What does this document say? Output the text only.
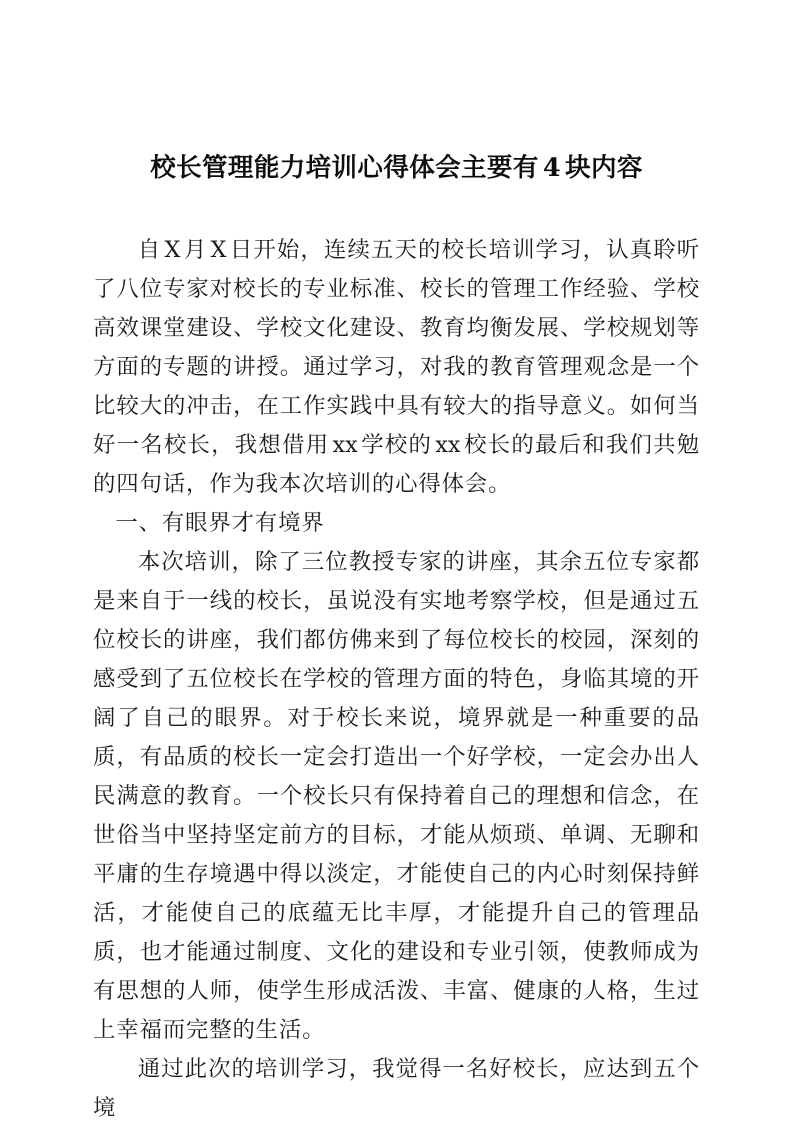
校长管理能力培训心得体会主要有 4 块内容

自 X 月 X 日开始，连续五天的校长培训学习，认真聆听了八位专家对校长的专业标准、校长的管理工作经验、学校高效课堂建设、学校文化建设、教育均衡发展、学校规划等方面的专题的讲授。通过学习，对我的教育管理观念是一个比较大的冲击，在工作实践中具有较大的指导意义。如何当好一名校长，我想借用 xx 学校的 xx 校长的最后和我们共勉的四句话，作为我本次培训的心得体会。

一、有眼界才有境界

本次培训，除了三位教授专家的讲座，其余五位专家都是来自于一线的校长，虽说没有实地考察学校，但是通过五位校长的讲座，我们都仿佛来到了每位校长的校园，深刻的感受到了五位校长在学校的管理方面的特色，身临其境的开阔了自己的眼界。对于校长来说，境界就是一种重要的品质，有品质的校长一定会打造出一个好学校，一定会办出人民满意的教育。一个校长只有保持着自己的理想和信念，在世俗当中坚持坚定前方的目标，才能从烦琐、单调、无聊和平庸的生存境遇中得以淡定，才能使自己的内心时刻保持鲜活，才能使自己的底蕴无比丰厚，才能提升自己的管理品质，也才能通过制度、文化的建设和专业引领，使教师成为有思想的人师，使学生形成活泼、丰富、健康的人格，生过上幸福而完整的生活。

通过此次的培训学习，我觉得一名好校长，应达到五个境
